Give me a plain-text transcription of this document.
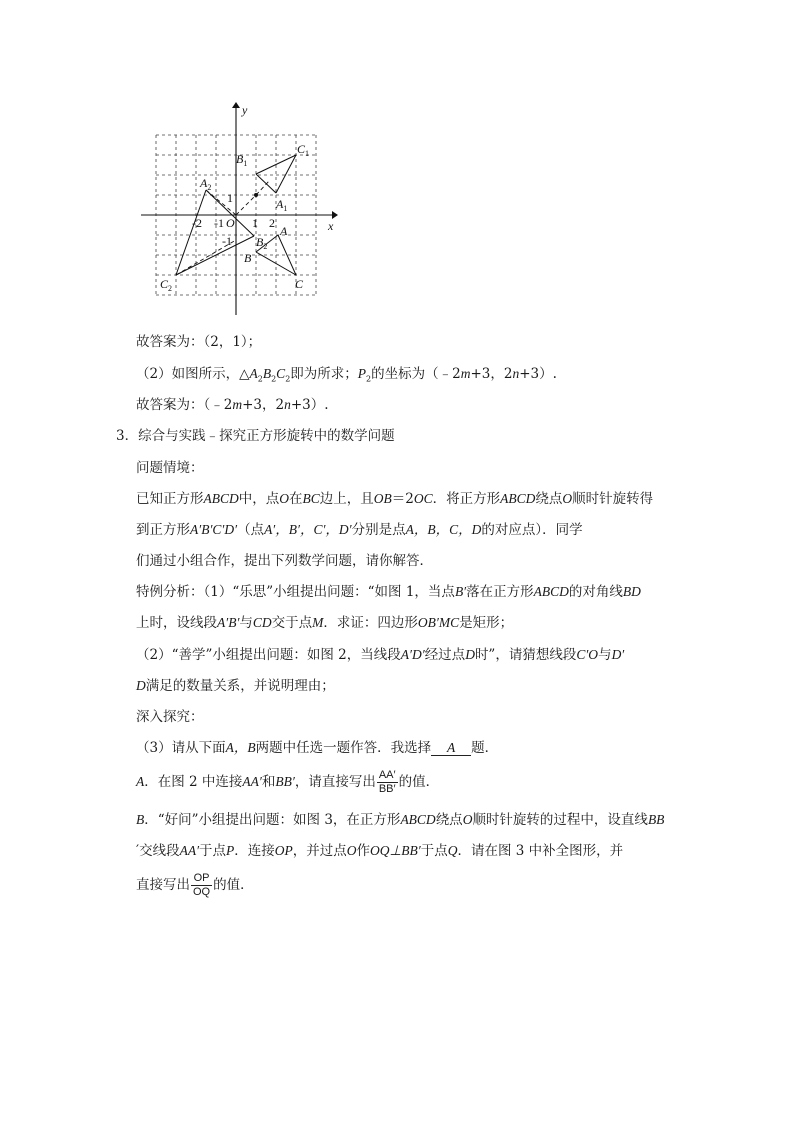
y
x
O
-2 -1 1 2
1
-1
$C_1$
$B_1$
$A_1$
$A_2$
$B_2$
$C_2$
A
B
C
故答案为：（2，1）；
（2）如图所示，$\triangle A_2B_2C_2$即为所求；$P_2$的坐标为（﹣2m+3，2n+3）.
故答案为：（﹣2m+3，2n+3）.
3．综合与实践﹣探究正方形旋转中的数学问题
问题情境：
已知正方形ABCD中，点O在BC边上，且OB＝2OC．将正方形ABCD绕点O顺时针旋转得
到正方形A′B′C′D′（点A′，B′，C′，D′分别是点A，B，C，D的对应点）．同学
们通过小组合作，提出下列数学问题，请你解答．
特例分析：（1）“乐思”小组提出问题：“如图 1，当点B′落在正方形ABCD的对角线BD
上时，设线段A′B′与CD交于点M．求证：四边形OB′MC是矩形；
（2）“善学”小组提出问题：如图 2，当线段A′D′经过点D时”，请猜想线段C′O与D′
D满足的数量关系，并说明理由；
深入探究：
（3）请从下面A，B两题中任选一题作答．我选择 A 题．
A．在图 2 中连接AA′和BB′，请直接写出 $\frac{AA'}{BB'}$ 的值．
B．“好问”小组提出问题：如图 3，在正方形ABCD绕点O顺时针旋转的过程中，设直线BB
′交线段AA′于点P．连接OP，并过点O作OQ⊥BB′于点Q．请在图 3 中补全图形，并
直接写出 $\frac{OP}{OQ}$ 的值．
